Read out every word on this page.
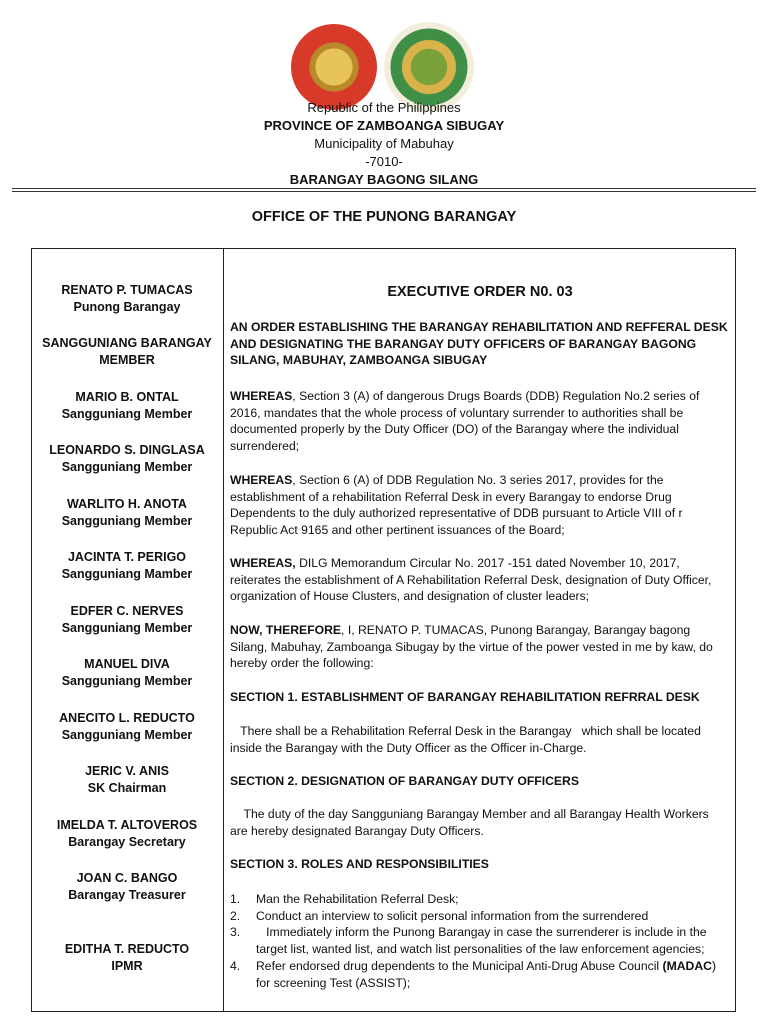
Republic of the Philippines
PROVINCE OF ZAMBOANGA SIBUGAY
Municipality of Mabuhay
-7010-
BARANGAY BAGONG SILANG
OFFICE OF THE PUNONG BARANGAY
RENATO P. TUMACAS
Punong Barangay
SANGGUNIANG BARANGAY
MEMBER
MARIO B. ONTAL
Sangguniang Member
LEONARDO S. DINGLASA
Sangguniang Member
WARLITO H. ANOTA
Sangguniang Member
JACINTA T. PERIGO
Sangguniang Mamber
EDFER C. NERVES
Sangguniang Member
MANUEL DIVA
Sangguniang Member
ANECITO L. REDUCTO
Sangguniang Member
JERIC V. ANIS
SK Chairman
IMELDA T. ALTOVEROS
Barangay Secretary
JOAN C. BANGO
Barangay Treasurer
EDITHA T. REDUCTO
IPMR
EXECUTIVE ORDER N0. 03
AN ORDER ESTABLISHING THE BARANGAY REHABILITATION AND REFFERAL DESK AND DESIGNATING THE BARANGAY DUTY OFFICERS OF BARANGAY BAGONG SILANG, MABUHAY, ZAMBOANGA SIBUGAY
WHEREAS, Section 3 (A) of dangerous Drugs Boards (DDB) Regulation No.2 series of 2016, mandates that the whole process of voluntary surrender to authorities shall be documented properly by the Duty Officer (DO) of the Barangay where the individual surrendered;
WHEREAS, Section 6 (A) of DDB Regulation No. 3 series 2017, provides for the establishment of a rehabilitation Referral Desk in every Barangay to endorse Drug Dependents to the duly authorized representative of DDB pursuant to Article VIII of r Republic Act 9165 and other pertinent issuances of the Board;
WHEREAS, DILG Memorandum Circular No. 2017 -151 dated November 10, 2017, reiterates the establishment of A Rehabilitation Referral Desk, designation of Duty Officer, organization of House Clusters, and designation of cluster leaders;
NOW, THEREFORE, I, RENATO P. TUMACAS, Punong Barangay, Barangay bagong Silang, Mabuhay, Zamboanga Sibugay by the virtue of the power vested in me by kaw, do hereby order the following:
SECTION 1. ESTABLISHMENT OF BARANGAY REHABILITATION REFRRAL DESK
There shall be a Rehabilitation Referral Desk in the Barangay   which shall be located inside the Barangay with the Duty Officer as the Officer in-Charge.
SECTION 2. DESIGNATION OF BARANGAY DUTY OFFICERS
The duty of the day Sangguniang Barangay Member and all Barangay Health Workers are hereby designated Barangay Duty Officers.
SECTION 3. ROLES AND RESPONSIBILITIES
1.	Man the Rehabilitation Referral Desk;
2.	Conduct an interview to solicit personal information from the surrendered
3.	Immediately inform the Punong Barangay in case the surrenderer is include in the target list, wanted list, and watch list personalities of the law enforcement agencies;
4.	Refer endorsed drug dependents to the Municipal Anti-Drug Abuse Council (MADAC) for screening Test (ASSIST);
